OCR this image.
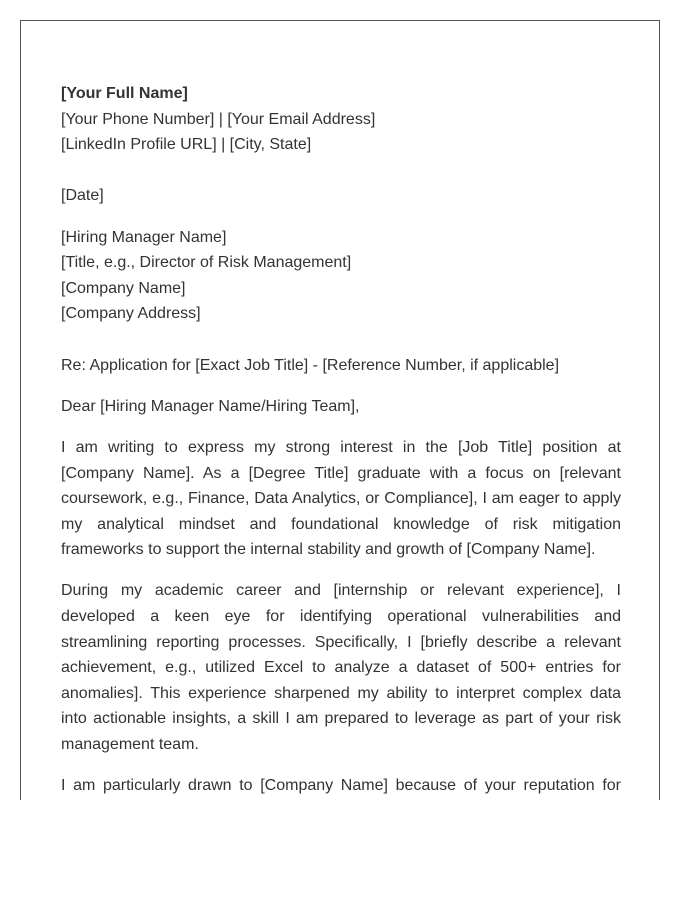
[Your Full Name]
[Your Phone Number] | [Your Email Address]
[LinkedIn Profile URL] | [City, State]
[Date]
[Hiring Manager Name]
[Title, e.g., Director of Risk Management]
[Company Name]
[Company Address]
Re: Application for [Exact Job Title] - [Reference Number, if applicable]
Dear [Hiring Manager Name/Hiring Team],

I am writing to express my strong interest in the [Job Title] position at [Company Name]. As a [Degree Title] graduate with a focus on [relevant coursework, e.g., Finance, Data Analytics, or Compliance], I am eager to apply my analytical mindset and foundational knowledge of risk mitigation frameworks to support the internal stability and growth of [Company Name].

During my academic career and [internship or relevant experience], I developed a keen eye for identifying operational vulnerabilities and streamlining reporting processes. Specifically, I [briefly describe a relevant achievement, e.g., utilized Excel to analyze a dataset of 500+ entries for anomalies]. This experience sharpened my ability to interpret complex data into actionable insights, a skill I am prepared to leverage as part of your risk management team.

I am particularly drawn to [Company Name] because of your reputation for
